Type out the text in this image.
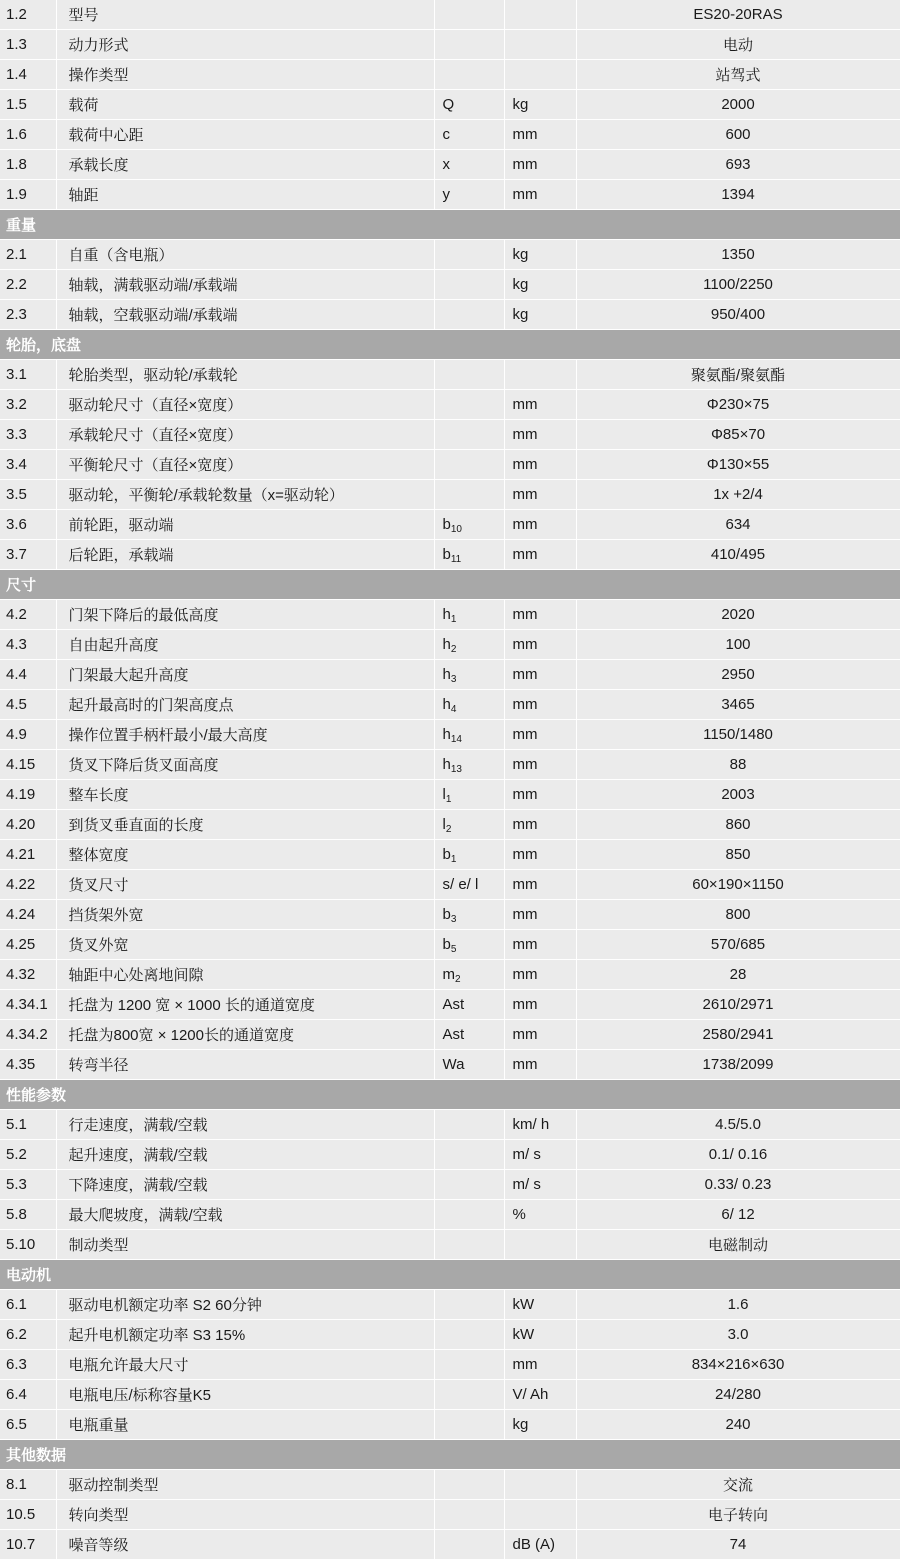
1.2	型号			ES20-20RAS
1.3	动力形式			电动
1.4	操作类型			站驾式
1.5	载荷	Q	kg	2000
1.6	载荷中心距	c	mm	600
1.8	承载长度	x	mm	693
1.9	轴距	y	mm	1394
重量				
2.1	自重（含电瓶）		kg	1350
2.2	轴载，满载驱动端/承载端		kg	1100/2250
2.3	轴载，空载驱动端/承载端		kg	950/400
轮胎，底盘				
3.1	轮胎类型，驱动轮/承载轮			聚氨酯/聚氨酯
3.2	驱动轮尺寸（直径×宽度）		mm	Φ230×75
3.3	承载轮尺寸（直径×宽度）		mm	Φ85×70
3.4	平衡轮尺寸（直径×宽度）		mm	Φ130×55
3.5	驱动轮，平衡轮/承载轮数量（x=驱动轮）		mm	1x +2/4
3.6	前轮距，驱动端	$b_{10}$	mm	634
3.7	后轮距，承载端	$b_{11}$	mm	410/495
尺寸				
4.2	门架下降后的最低高度	$h_1$	mm	2020
4.3	自由起升高度	$h_2$	mm	100
4.4	门架最大起升高度	$h_3$	mm	2950
4.5	起升最高时的门架高度点	$h_4$	mm	3465
4.9	操作位置手柄杆最小/最大高度	$h_{14}$	mm	1150/1480
4.15	货叉下降后货叉面高度	$h_{13}$	mm	88
4.19	整车长度	$l_1$	mm	2003
4.20	到货叉垂直面的长度	$l_2$	mm	860
4.21	整体宽度	$b_1$	mm	850
4.22	货叉尺寸	s/ e/ l	mm	60×190×1150
4.24	挡货架外宽	$b_3$	mm	800
4.25	货叉外宽	$b_5$	mm	570/685
4.32	轴距中心处离地间隙	$m_2$	mm	28
4.34.1	托盘为 1200 宽 × 1000 长的通道宽度	Ast	mm	2610/2971
4.34.2	托盘为800宽 × 1200长的通道宽度	Ast	mm	2580/2941
4.35	转弯半径	Wa	mm	1738/2099
性能参数				
5.1	行走速度，满载/空载		km/ h	4.5/5.0
5.2	起升速度，满载/空载		m/ s	0.1/ 0.16
5.3	下降速度，满载/空载		m/ s	0.33/ 0.23
5.8	最大爬坡度，满载/空载		%	6/ 12
5.10	制动类型			电磁制动
电动机				
6.1	驱动电机额定功率 S2 60分钟		kW	1.6
6.2	起升电机额定功率 S3 15%		kW	3.0
6.3	电瓶允许最大尺寸		mm	834×216×630
6.4	电瓶电压/标称容量K5		V/ Ah	24/280
6.5	电瓶重量		kg	240
其他数据				
8.1	驱动控制类型			交流
10.5	转向类型			电子转向
10.7	噪音等级		dB (A)	74
